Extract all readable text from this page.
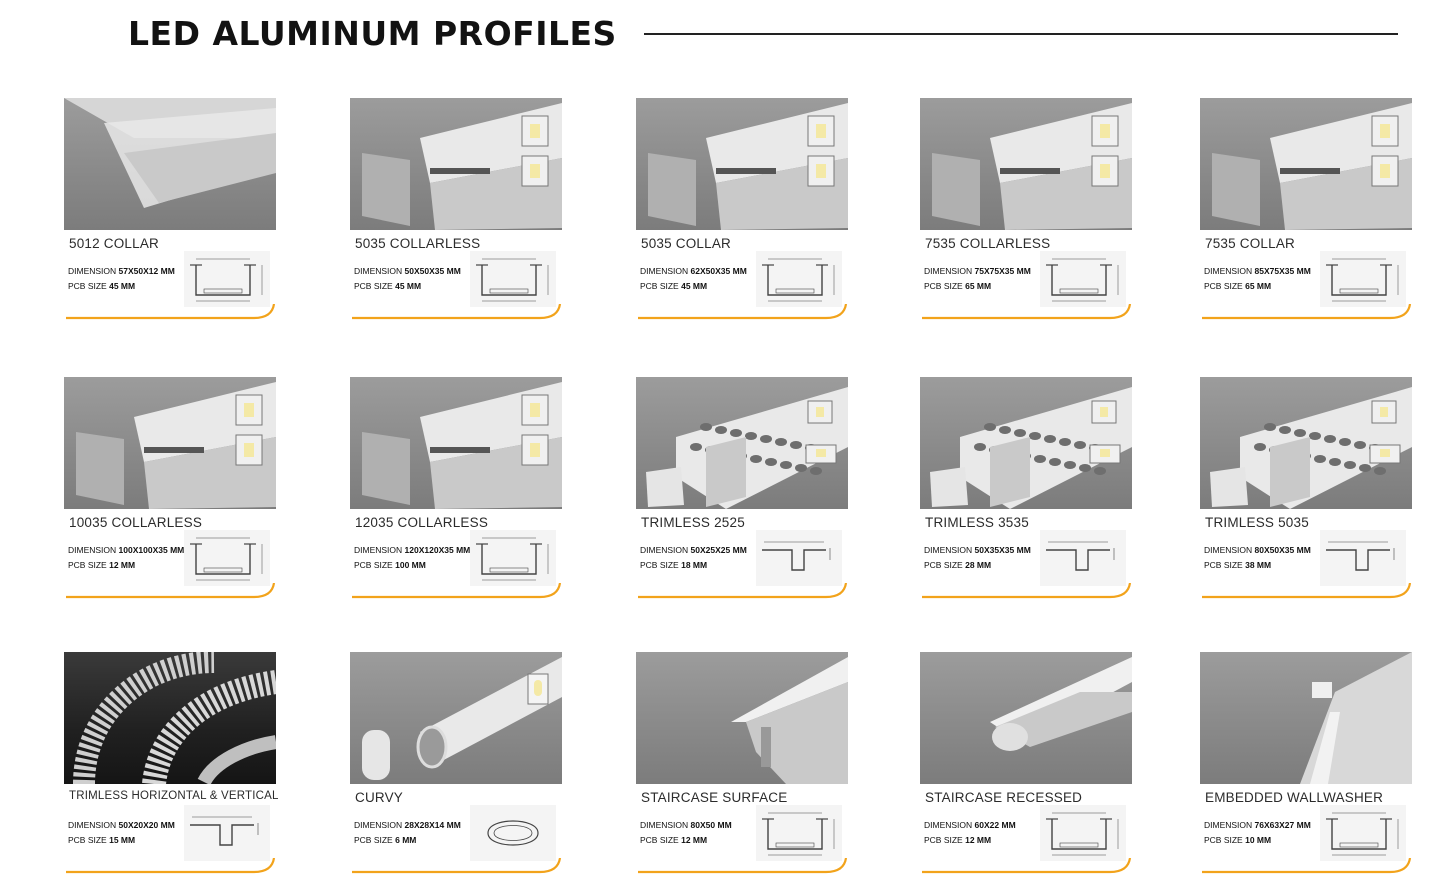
LED ALUMINUM PROFILES
5012 COLLAR
DIMENSION 57X50X12 MM
PCB SIZE 45 MM
5035 COLLARLESS
DIMENSION 50X50X35 MM
PCB SIZE 45 MM
5035 COLLAR
DIMENSION 62X50X35 MM
PCB SIZE 45 MM
7535 COLLARLESS
DIMENSION 75X75X35 MM
PCB SIZE 65 MM
7535 COLLAR
DIMENSION 85X75X35 MM
PCB SIZE 65 MM
10035 COLLARLESS
DIMENSION 100X100X35 MM
PCB SIZE 12 MM
12035 COLLARLESS
DIMENSION 120X120X35 MM
PCB SIZE 100 MM
TRIMLESS 2525
DIMENSION 50X25X25 MM
PCB SIZE 18 MM
TRIMLESS 3535
DIMENSION 50X35X35 MM
PCB SIZE 28 MM
TRIMLESS 5035
DIMENSION 80X50X35 MM
PCB SIZE 38 MM
TRIMLESS HORIZONTAL & VERTICAL
DIMENSION 50X20X20 MM
PCB SIZE 15 MM
CURVY
DIMENSION 28X28X14 MM
PCB SIZE 6 MM
STAIRCASE SURFACE
DIMENSION 80X50 MM
PCB SIZE 12 MM
STAIRCASE RECESSED
DIMENSION 60X22 MM
PCB SIZE 12 MM
EMBEDDED WALLWASHER
DIMENSION 76X63X27 MM
PCB SIZE 10 MM
